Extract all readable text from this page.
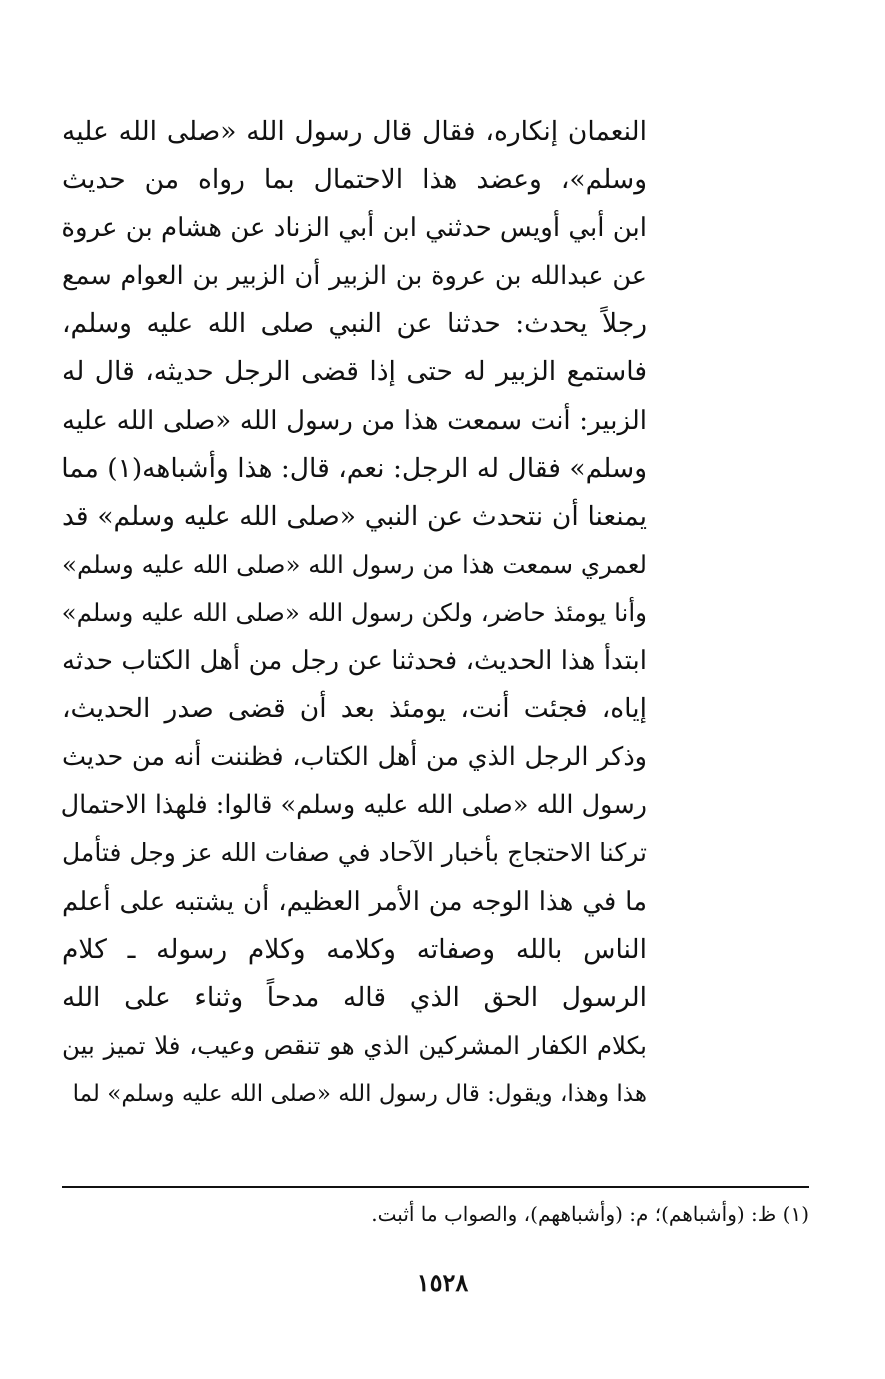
النعمان إنكاره، فقال قال رسول الله «صلى الله عليه
وسلم»، وعضد هذا الاحتمال بما رواه من حديث
ابن أبي أويس حدثني ابن أبي الزناد عن هشام بن عروة
عن عبدالله بن عروة بن الزبير أن الزبير بن العوام سمع
رجلاً يحدث: حدثنا عن النبي صلى الله عليه وسلم،
فاستمع الزبير له حتى إذا قضى الرجل حديثه، قال له
الزبير: أنت سمعت هذا من رسول الله «صلى الله عليه
وسلم» فقال له الرجل: نعم، قال: هذا وأشباهه(١) مما
يمنعنا أن نتحدث عن النبي «صلى الله عليه وسلم» قد
لعمري سمعت هذا من رسول الله «صلى الله عليه وسلم»
وأنا يومئذ حاضر، ولكن رسول الله «صلى الله عليه وسلم»
ابتدأ هذا الحديث، فحدثنا عن رجل من أهل الكتاب حدثه
إياه، فجئت أنت، يومئذ بعد أن قضى صدر الحديث،
وذكر الرجل الذي من أهل الكتاب، فظننت أنه من حديث
رسول الله «صلى الله عليه وسلم» قالوا: فلهذا الاحتمال
تركنا الاحتجاج بأخبار الآحاد في صفات الله عز وجل فتأمل
ما في هذا الوجه من الأمر العظيم، أن يشتبه على أعلم
الناس بالله وصفاته وكلامه وكلام رسوله ـ كلام
الرسول الحق الذي قاله مدحاً وثناء على الله
بكلام الكفار المشركين الذي هو تنقص وعيب، فلا تميز بين
هذا وهذا، ويقول: قال رسول الله «صلى الله عليه وسلم» لما
(١) ظ: (وأشباهم)؛ م: (وأشباههم)، والصواب ما أثبت.
١٥٢٨
